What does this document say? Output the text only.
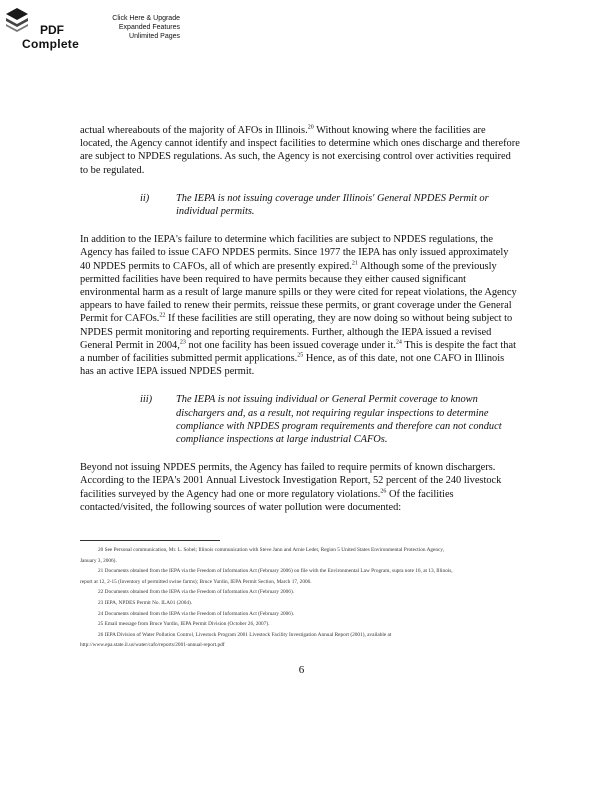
PDF
Complete
Click Here & Upgrade
Expanded Features
Unlimited Pages

actual whereabouts of the majority of AFOs in Illinois.$^{20}$ Without knowing where the facilities are located, the Agency cannot identify and inspect facilities to determine which ones discharge and therefore are subject to NPDES regulations. As such, the Agency is not exercising control over activities required to be regulated.

ii)	The IEPA is not issuing coverage under Illinois' General NPDES Permit or individual permits.

In addition to the IEPA's failure to determine which facilities are subject to NPDES regulations, the Agency has failed to issue CAFO NPDES permits. Since 1977 the IEPA has only issued approximately 40 NPDES permits to CAFOs, all of which are presently expired.$^{21}$ Although some of the previously permitted facilities have been required to have permits because they either caused significant environmental harm as a result of large manure spills or they were cited for repeat violations, the Agency appears to have failed to renew their permits, reissue these permits, or grant coverage under the General Permit for CAFOs.$^{22}$ If these facilities are still operating, they are now doing so without being subject to NPDES permit monitoring and reporting requirements. Further, although the IEPA issued a revised General Permit in 2004,23 not one facility has been issued coverage under it.$^{24}$ This is despite the fact that a number of facilities submitted permit applications.$^{25}$ Hence, as of this date, not one CAFO in Illinois has an active IEPA issued NPDES permit.

iii)	The IEPA is not issuing individual or General Permit coverage to known dischargers and, as a result, not requiring regular inspections to determine compliance with NPDES program requirements and therefore can not conduct compliance inspections at large industrial CAFOs.

Beyond not issuing NPDES permits, the Agency has failed to require permits of known dischargers. According to the IEPA's 2001 Annual Livestock Investigation Report, 52 percent of the 240 livestock facilities surveyed by the Agency had one or more regulatory violations.$^{26}$ Of the facilities contacted/visited, the following sources of water pollution were documented:

20 See Personal communication, Mr. L. Sobel; Illinois communication with Steve Jann and Arnie Leder, Region 5 United States Environmental Protection Agency,

January 3, 2006).

21 Documents obtained from the IEPA via the Freedom of Information Act (February 2006) on file with the Environmental Law Program, supra note 16, at 13, Illinois,

report at 12, 2-15 (Inventory of permitted swine farms); Bruce Yurdin, IEPA Permit Section, March 17, 2006.

22 Documents obtained from the IEPA via the Freedom of Information Act (February 2006).

23 IEPA, NPDES Permit No. ILA01 (2004).

24 Documents obtained from the IEPA via the Freedom of Information Act (February 2006).

25 Email message from Bruce Yurdin, IEPA Permit Division (October 26, 2007).

26 IEPA Division of Water Pollution Control, Livestock Program 2001 Livestock Facility Investigation Annual Report (2001), available at

http://www.epa.state.il.us/water/cafo/reports/2001-annual-report.pdf

6
